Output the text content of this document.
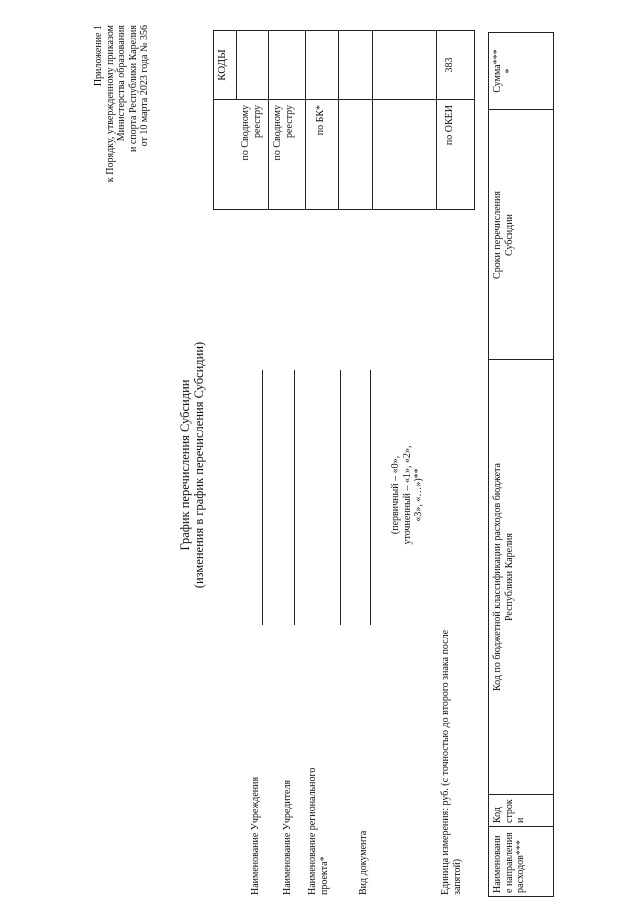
Приложение 1 к Порядку, утвержденному приказом Министерства образования и спорта Республики Карелия от 10 марта 2023 года № 356
График перечисления Субсидии (изменения в график перечисления Субсидии)
Наименование Учреждения Наименование Учредителя Наименование регионального проекта*	Вид документа
(первичный – «0», уточненный – «1», «2», «3», «…»)**
Единица измерения: руб. (с точностью до второго знака после запятой)
КОДЫ
по Сводному реестру по Сводному реестру по БК*	по ОКЕИ
383
Наименовани е направления расходов***
Код строк и
Код по бюджетной классификации расходов бюджета Республики Карелия
Сроки перечисления Субсидии
Сумма*** *
